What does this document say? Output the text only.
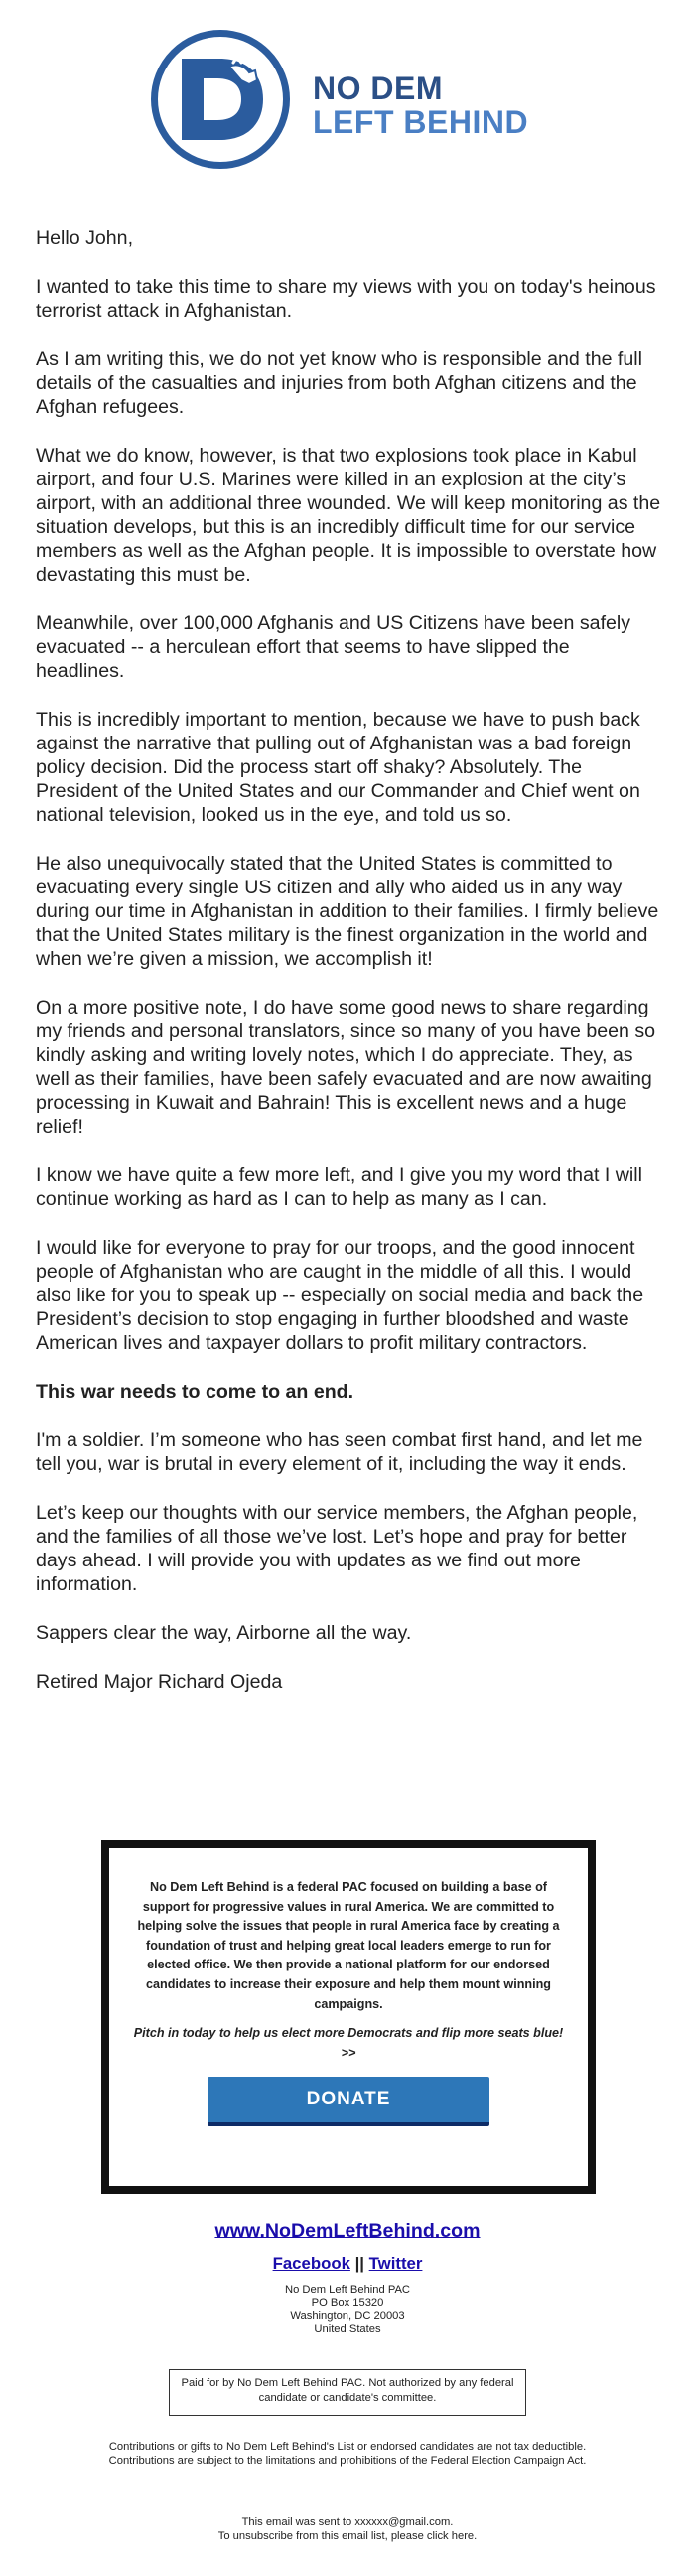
NO DEM
LEFT BEHIND

Hello John,

I wanted to take this time to share my views with you on today's heinous terrorist attack in Afghanistan.

As I am writing this, we do not yet know who is responsible and the full details of the casualties and injuries from both Afghan citizens and the Afghan refugees.

What we do know, however, is that two explosions took place in Kabul airport, and four U.S. Marines were killed in an explosion at the city’s airport, with an additional three wounded. We will keep monitoring as the situation develops, but this is an incredibly difficult time for our service members as well as the Afghan people. It is impossible to overstate how devastating this must be.

Meanwhile, over 100,000 Afghanis and US Citizens have been safely evacuated -- a herculean effort that seems to have slipped the headlines.

This is incredibly important to mention, because we have to push back against the narrative that pulling out of Afghanistan was a bad foreign policy decision. Did the process start off shaky? Absolutely. The President of the United States and our Commander and Chief went on national television, looked us in the eye, and told us so.

He also unequivocally stated that the United States is committed to evacuating every single US citizen and ally who aided us in any way during our time in Afghanistan in addition to their families. I firmly believe that the United States military is the finest organization in the world and when we’re given a mission, we accomplish it!

On a more positive note, I do have some good news to share regarding my friends and personal translators, since so many of you have been so kindly asking and writing lovely notes, which I do appreciate. They, as well as their families, have been safely evacuated and are now awaiting processing in Kuwait and Bahrain! This is excellent news and a huge relief!

I know we have quite a few more left, and I give you my word that I will continue working as hard as I can to help as many as I can.

I would like for everyone to pray for our troops, and the good innocent people of Afghanistan who are caught in the middle of all this. I would also like for you to speak up -- especially on social media and back the President’s decision to stop engaging in further bloodshed and waste American lives and taxpayer dollars to profit military contractors.

This war needs to come to an end.

I'm a soldier. I’m someone who has seen combat first hand, and let me tell you, war is brutal in every element of it, including the way it ends.

Let’s keep our thoughts with our service members, the Afghan people, and the families of all those we’ve lost. Let’s hope and pray for better days ahead. I will provide you with updates as we find out more information.

Sappers clear the way, Airborne all the way.

Retired Major Richard Ojeda

No Dem Left Behind is a federal PAC focused on building a base of support for progressive values in rural America. We are committed to helping solve the issues that people in rural America face by creating a foundation of trust and helping great local leaders emerge to run for elected office. We then provide a national platform for our endorsed candidates to increase their exposure and help them mount winning campaigns.
Pitch in today to help us elect more Democrats and flip more seats blue! >>
DONATE
www.NoDemLeftBehind.com
Facebook || Twitter
No Dem Left Behind PAC
PO Box 15320
Washington, DC 20003
United States
Paid for by No Dem Left Behind PAC. Not authorized by any federal candidate or candidate's committee.
Contributions or gifts to No Dem Left Behind's List or endorsed candidates are not tax deductible.
Contributions are subject to the limitations and prohibitions of the Federal Election Campaign Act.
This email was sent to xxxxxx@gmail.com.
To unsubscribe from this email list, please click here.
